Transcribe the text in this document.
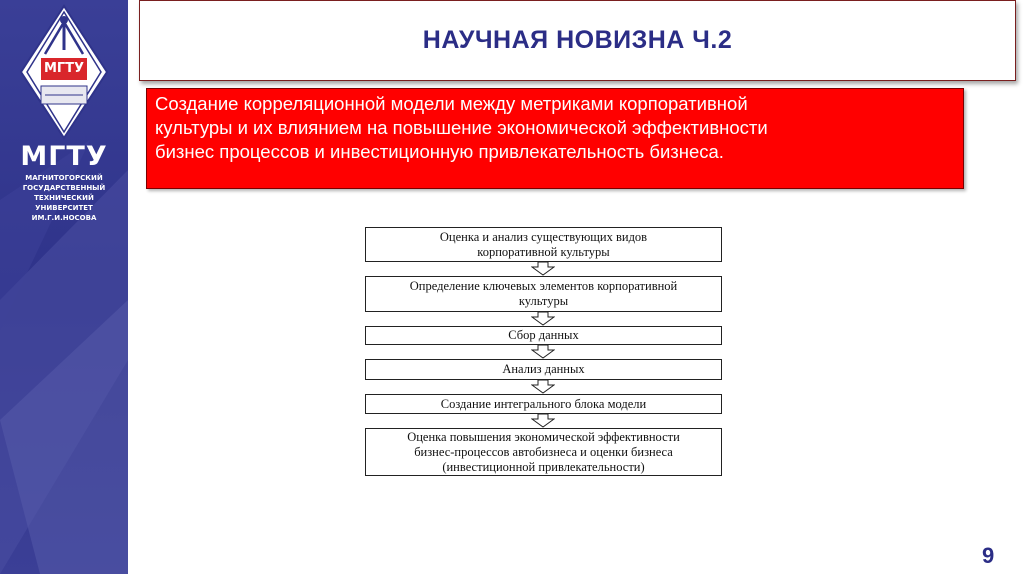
МГТУ
МГТУ
МАГНИТОГОРСКИЙ
ГОСУДАРСТВЕННЫЙ
ТЕХНИЧЕСКИЙ
УНИВЕРСИТЕТ
ИМ.Г.И.НОСОВА
НАУЧНАЯ НОВИЗНА Ч.2
Создание корреляционной модели между метриками корпоративной
культуры и их влиянием на повышение экономической эффективности
бизнес процессов и инвестиционную привлекательность бизнеса.
Оценка и анализ существующих видов
корпоративной культуры
Определение ключевых элементов корпоративной
культуры
Сбор данных
Анализ данных
Создание интегрального блока модели
Оценка повышения экономической эффективности
бизнес-процессов автобизнеса и оценки бизнеса
(инвестиционной привлекательности)
9
